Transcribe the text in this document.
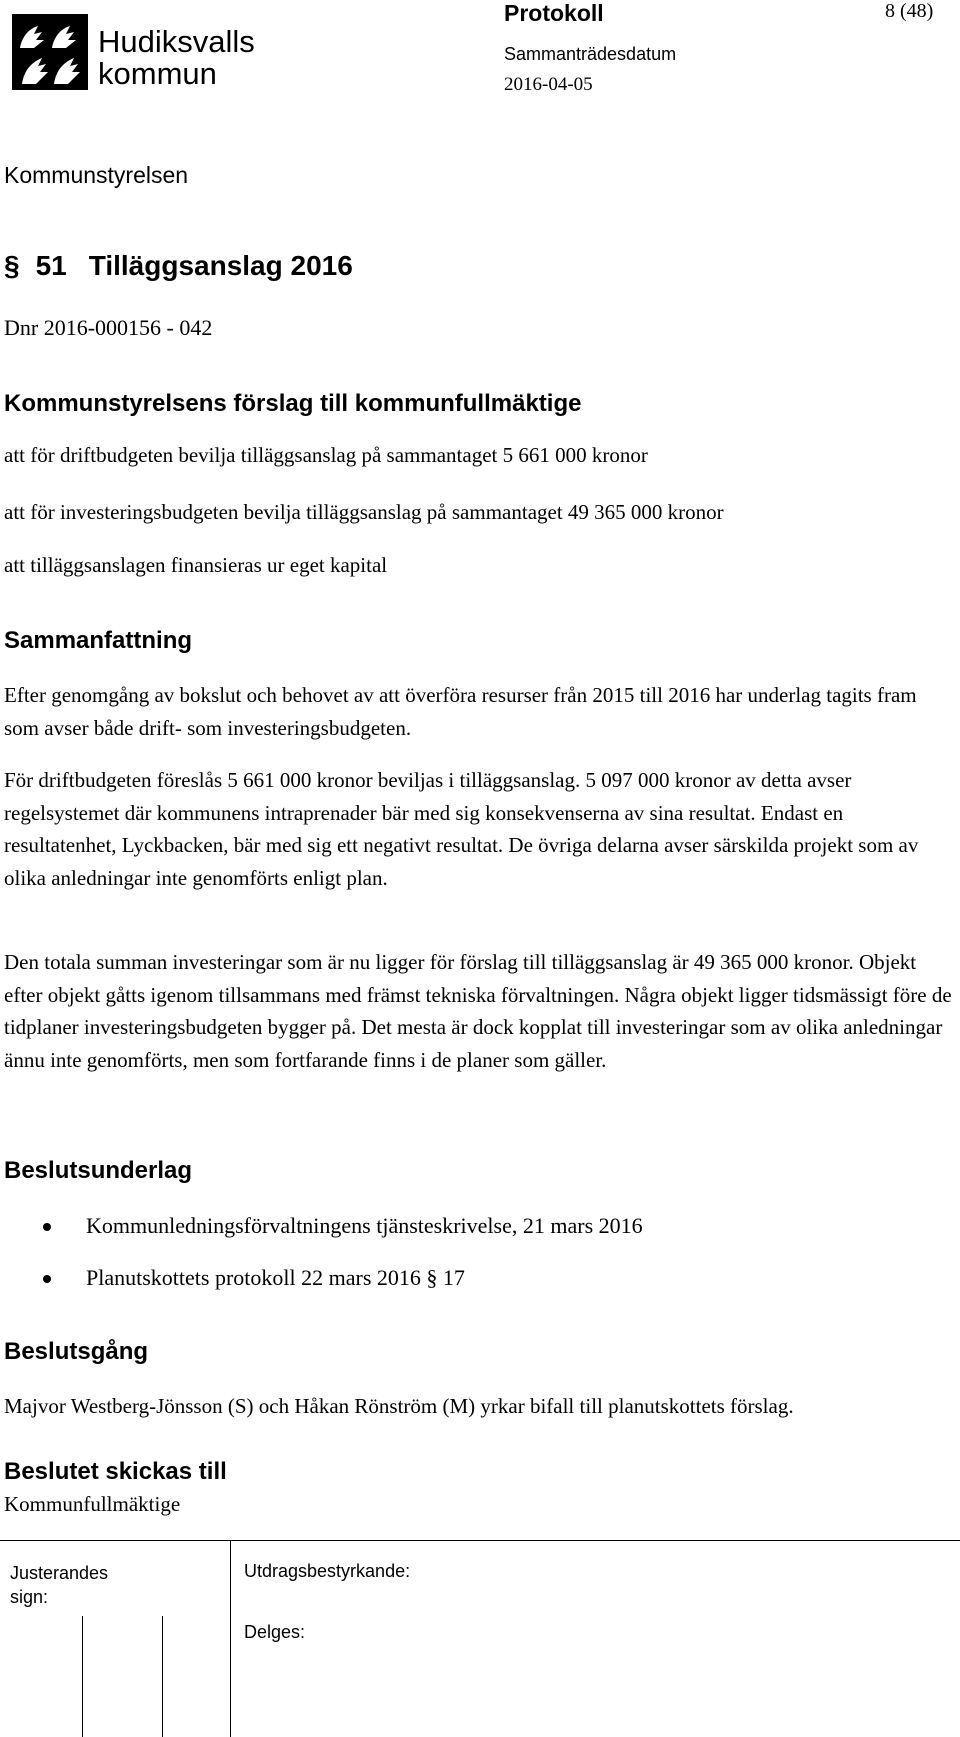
Hudiksvalls
kommun
Protokoll	8 (48)
Sammanträdesdatum
2016-04-05
Kommunstyrelsen
§ 51 Tilläggsanslag 2016
Dnr 2016-000156 - 042
Kommunstyrelsens förslag till kommunfullmäktige
att för driftbudgeten bevilja tilläggsanslag på sammantaget 5 661 000 kronor
att för investeringsbudgeten bevilja tilläggsanslag på sammantaget 49 365 000 kronor
att tilläggsanslagen finansieras ur eget kapital
Sammanfattning
Efter genomgång av bokslut och behovet av att överföra resurser från 2015 till 2016 har underlag tagits fram som avser både drift- som investeringsbudgeten.
För driftbudgeten föreslås 5 661 000 kronor beviljas i tilläggsanslag. 5 097 000 kronor av detta avser regelsystemet där kommunens intraprenader bär med sig konsekvenserna av sina resultat. Endast en resultatenhet, Lyckbacken, bär med sig ett negativt resultat. De övriga delarna avser särskilda projekt som av olika anledningar inte genomförts enligt plan.
Den totala summan investeringar som är nu ligger för förslag till tilläggsanslag är 49 365 000 kronor. Objekt efter objekt gåtts igenom tillsammans med främst tekniska förvaltningen. Några objekt ligger tidsmässigt före de tidplaner investeringsbudgeten bygger på. Det mesta är dock kopplat till investeringar som av olika anledningar ännu inte genomförts, men som fortfarande finns i de planer som gäller.
Beslutsunderlag
Kommunledningsförvaltningens tjänsteskrivelse, 21 mars 2016
Planutskottets protokoll 22 mars 2016 § 17
Beslutsgång
Majvor Westberg-Jönsson (S) och Håkan Rönström (M) yrkar bifall till planutskottets förslag.
Beslutet skickas till
Kommunfullmäktige
Justerandes sign:
Utdragsbestyrkande:
Delges:
